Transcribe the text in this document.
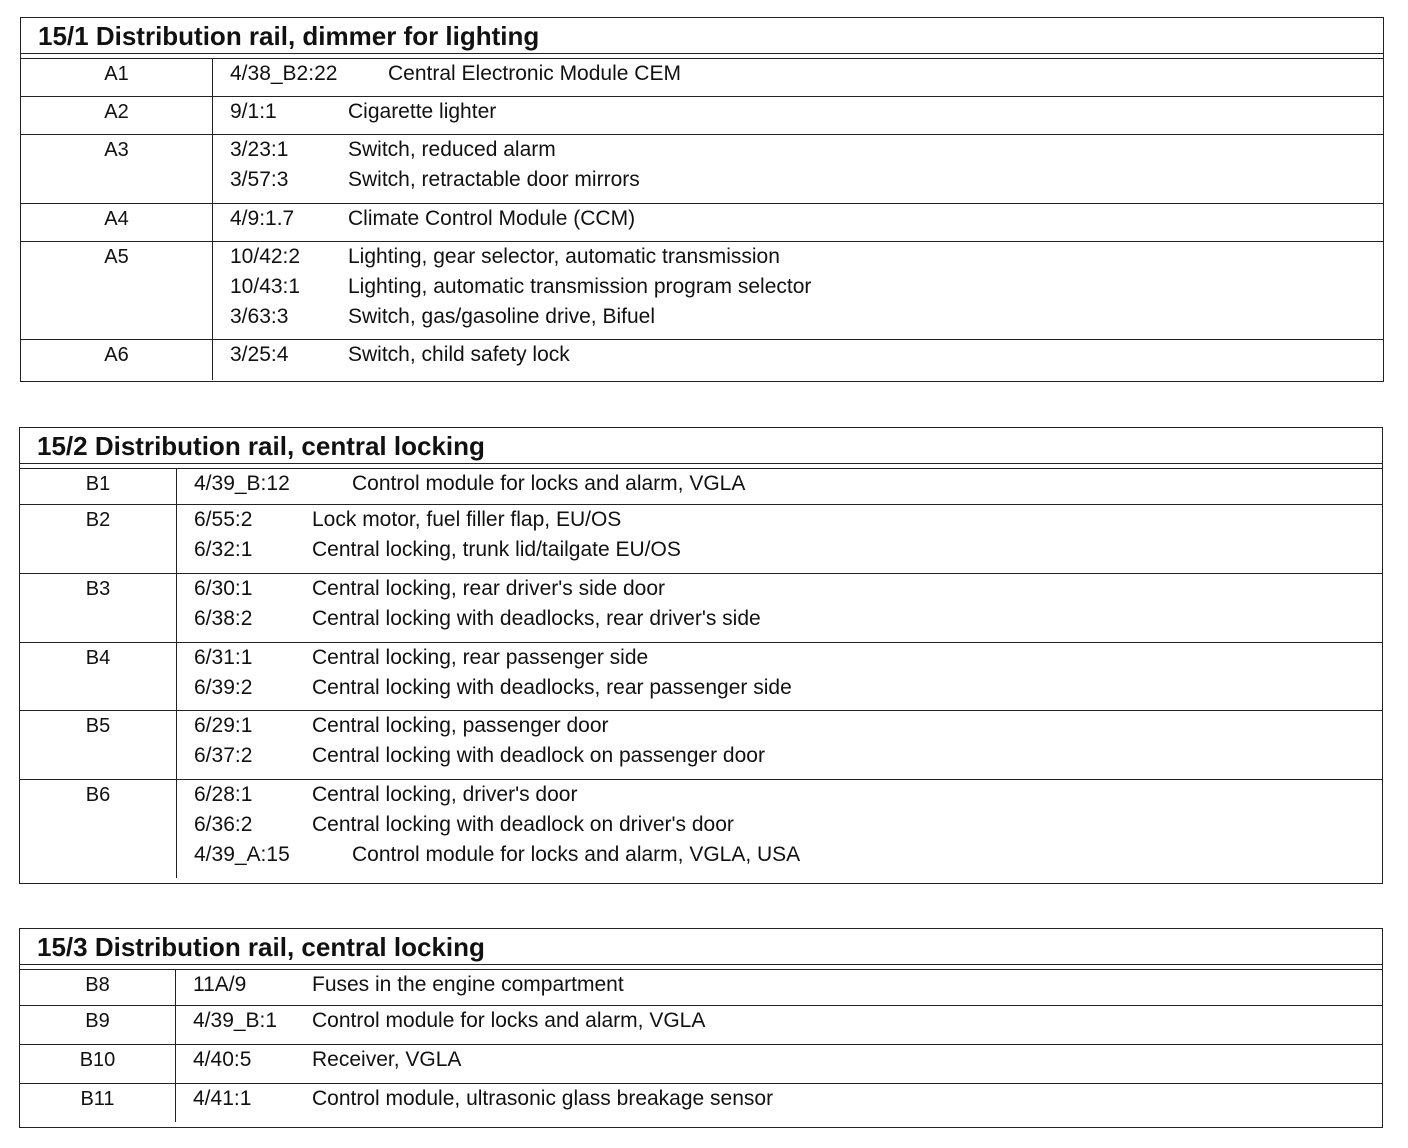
15/1 Distribution rail, dimmer for lighting
A1	4/38_B2:22	Central Electronic Module CEM
A2	9/1:1	Cigarette lighter
A3	3/23:1	Switch, reduced alarm
3/57:3	Switch, retractable door mirrors
A4	4/9:1.7	Climate Control Module (CCM)
A5	10/42:2	Lighting, gear selector, automatic transmission
10/43:1	Lighting, automatic transmission program selector
3/63:3	Switch, gas/gasoline drive, Bifuel
A6	3/25:4	Switch, child safety lock
15/2 Distribution rail, central locking
B1	4/39_B:12	Control module for locks and alarm, VGLA
B2	6/55:2	Lock motor, fuel filler flap, EU/OS
6/32:1	Central locking, trunk lid/tailgate EU/OS
B3	6/30:1	Central locking, rear driver's side door
6/38:2	Central locking with deadlocks, rear driver's side
B4	6/31:1	Central locking, rear passenger side
6/39:2	Central locking with deadlocks, rear passenger side
B5	6/29:1	Central locking, passenger door
6/37:2	Central locking with deadlock on passenger door
B6	6/28:1	Central locking, driver's door
6/36:2	Central locking with deadlock on driver's door
4/39_A:15	Control module for locks and alarm, VGLA, USA
15/3 Distribution rail, central locking
B8	11A/9	Fuses in the engine compartment
B9	4/39_B:1	Control module for locks and alarm, VGLA
B10	4/40:5	Receiver, VGLA
B11	4/41:1	Control module, ultrasonic glass breakage sensor
